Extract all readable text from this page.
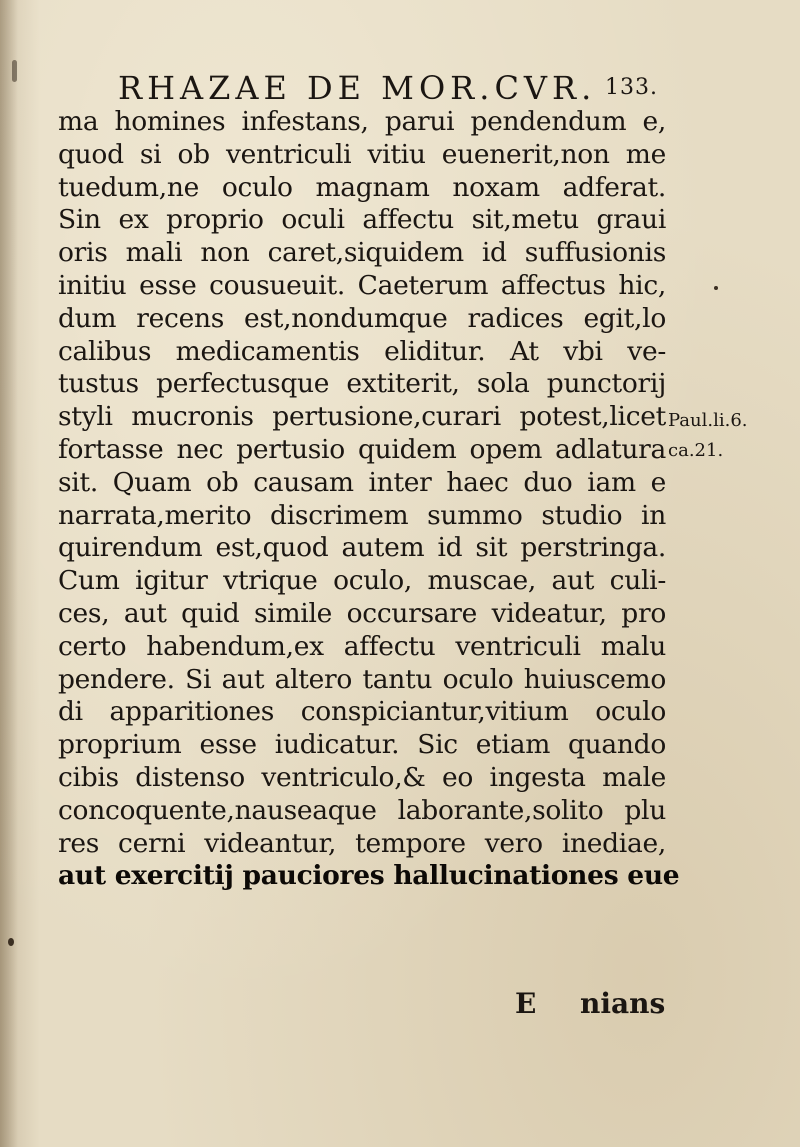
RHAZAE DE MOR.CVR. 133.
ma homines infestans, parui pendendum e,
quod si ob ventriculi vitiu euenerit,non me
tuedum,ne oculo magnam noxam adferat.
Sin ex proprio oculi affectu sit,metu graui
oris mali non caret,siquidem id suffusionis
initiu esse cousueuit. Caeterum affectus hic,
dum recens est,nondumque radices egit,lo
calibus medicamentis eliditur. At vbi ve-
tustus perfectusque extiterit, sola punctorij
styli mucronis pertusione,curari potest,licet
fortasse nec pertusio quidem opem adlatura
sit. Quam ob causam inter haec duo iam e
narrata,merito discrimem summo studio in
quirendum est,quod autem id sit perstringa.
Cum igitur vtrique oculo, muscae, aut culi-
ces, aut quid simile occursare videatur, pro
certo habendum,ex affectu ventriculi malu
pendere. Si aut altero tantu oculo huiuscemo
di apparitiones conspiciantur,vitium oculo
proprium esse iudicatur. Sic etiam quando
cibis distenso ventriculo,& eo ingesta male
concoquente,nauseaque laborante,solito plu
res cerni videantur, tempore vero inediae,
aut exercitij pauciores hallucinationes eue
Paul.li.6.
ca.21.
E nians
